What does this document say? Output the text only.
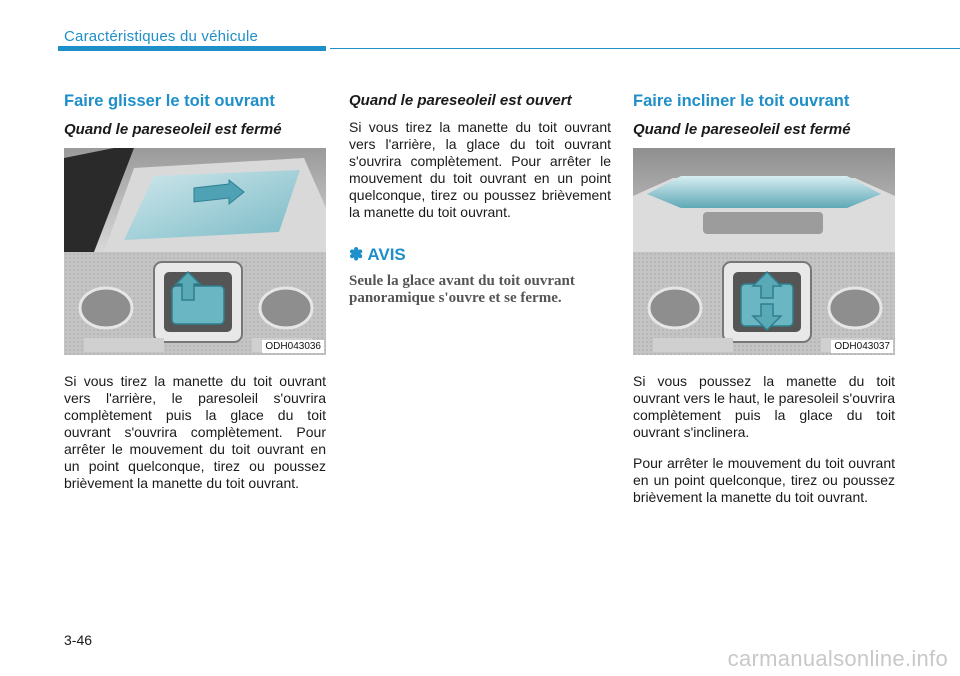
Caractéristiques du véhicule
Faire glisser le toit ouvrant
Quand le pareseoleil est fermé
ODH043036

Si vous tirez la manette du toit ouvrant vers l'arrière, le paresoleil s'ouvrira complètement puis la glace du toit ouvrant s'ouvrira complètement. Pour arrêter le mouvement du toit ouvrant en un point quelconque, tirez ou poussez brièvement la manette du toit ouvrant.

Quand le pareseoleil est ouvert

Si vous tirez la manette du toit ouvrant vers l'arrière, la glace du toit ouvrant s'ouvrira complètement. Pour arrêter le mouvement du toit ouvrant en un point quelconque, tirez ou poussez brièvement la manette du toit ouvrant.

✽ AVIS

Seule la glace avant du toit ouvrant panoramique s'ouvre et se ferme.

Faire incliner le toit ouvrant
Quand le pareseoleil est fermé
ODH043037

Si vous poussez la manette du toit ouvrant vers le haut, le paresoleil s'ouvrira complètement puis la glace du toit ouvrant s'inclinera.

Pour arrêter le mouvement du toit ouvrant en un point quelconque, tirez ou poussez brièvement la manette du toit ouvrant.

3-46
carmanualsonline.info
